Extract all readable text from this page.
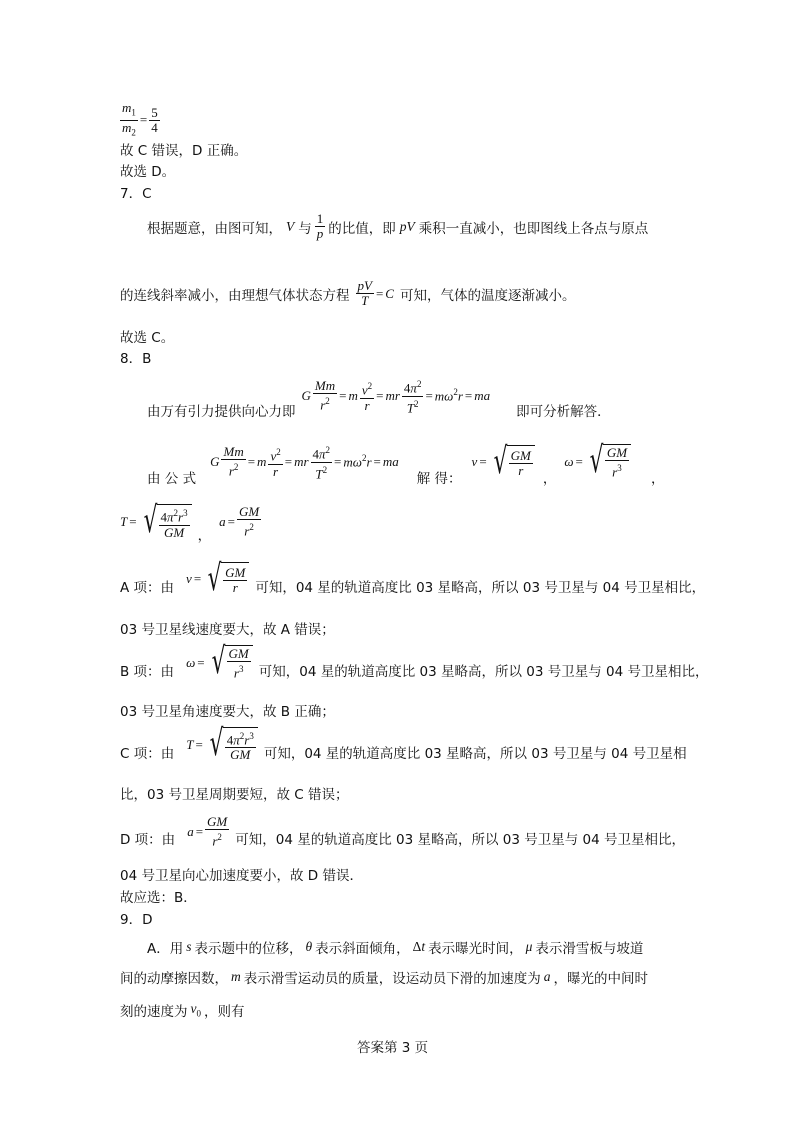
$\frac{m_1}{m_2} = \frac{5}{4}$
故 C 错误，D 正确。
故选 D。
7．C
根据题意，由图可知， V 与 $\frac{1}{p}$ 的比值，即 pV 乘积一直减小，也即图线上各点与原点
的连线斜率减小，由理想气体状态方程 $\frac{pV}{T} = C$ 可知，气体的温度逐渐减小。
故选 C。
8．B
由万有引力提供向心力即
G $\frac{Mm}{r^2} = m \frac{v^2}{r}$ = mr $\frac{4\pi^2}{T^2} = m\omega^2r$ = ma
即可分析解答．
由 公 式
G $\frac{Mm}{r^2} = m \frac{v^2}{r}$ = mr $\frac{4\pi^2}{T^2} = m\omega^2r$ = ma
解 得：
v = √ $\frac{GM}{r}$
，
ω = √ $\frac{GM}{r^3}$ ，
T = √ $\frac{4\pi^2r^3}{GM}$ ，
$a = \frac{GM}{r^2}$
A 项：由
v = √ $\frac{GM}{r}$ 可知，04 星的轨道高度比 03 星略高，所以 03 号卫星与 04 号卫星相比，
03 号卫星线速度要大，故 A 错误；
B 项：由
ω = √ $\frac{GM}{r^3}$ 可知，04 星的轨道高度比 03 星略高，所以 03 号卫星与 04 号卫星相比，
03 号卫星角速度要大，故 B 正确；
C 项：由
T = √ $\frac{4\pi^2r^3}{GM}$ 可知，04 星的轨道高度比 03 星略高，所以 03 号卫星与 04 号卫星相
比，03 号卫星周期要短，故 C 错误；
D 项：由
$a = \frac{GM}{r^2}$ 可知，04 星的轨道高度比 03 星略高，所以 03 号卫星与 04 号卫星相比，
04 号卫星向心加速度要小，故 D 错误．
故应选：B．
9．D
A．用 s 表示题中的位移， θ 表示斜面倾角， Δt 表示曝光时间， μ 表示滑雪板与坡道
间的动摩擦因数， m 表示滑雪运动员的质量，设运动员下滑的加速度为 a ，曝光的中间时
刻的速度为 $v_0$ ，则有
答案第 3 页
